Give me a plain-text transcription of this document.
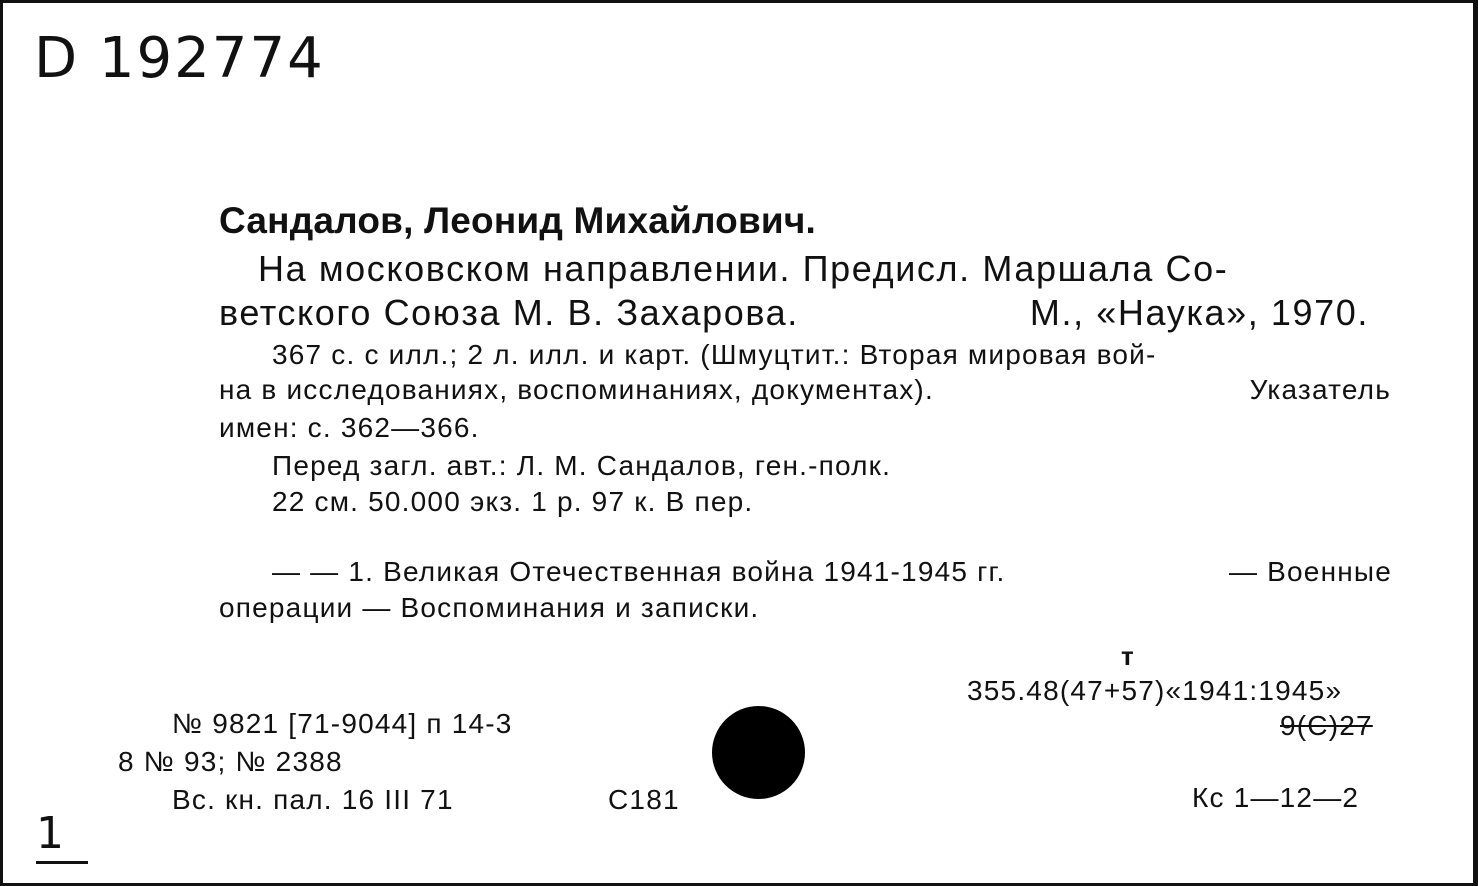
D 192774
Сандалов, Леонид Михайлович.
На московском направлении. Предисл. Маршала Со-
ветского Союза М. В. Захарова.	М., «Наука», 1970.
367 с. с илл.; 2 л. илл. и карт. (Шмуцтит.: Вторая мировая вой-
на в исследованиях, воспоминаниях, документах).	Указатель
имен: с. 362—366.
Перед загл. авт.: Л. М. Сандалов, ген.-полк.
22 см. 50.000 экз. 1 р. 97 к. В пер.
— — 1. Великая Отечественная война 1941-1945 гг.	— Военные
операции — Воспоминания и записки.
т
355.48(47+57)«1941:1945»
9(С)27
№ 9821 [71-9044] п 14-3
8 № 93; № 2388
Вс. кн. пал. 16 III 71	С181	Кс 1—12—2
1
